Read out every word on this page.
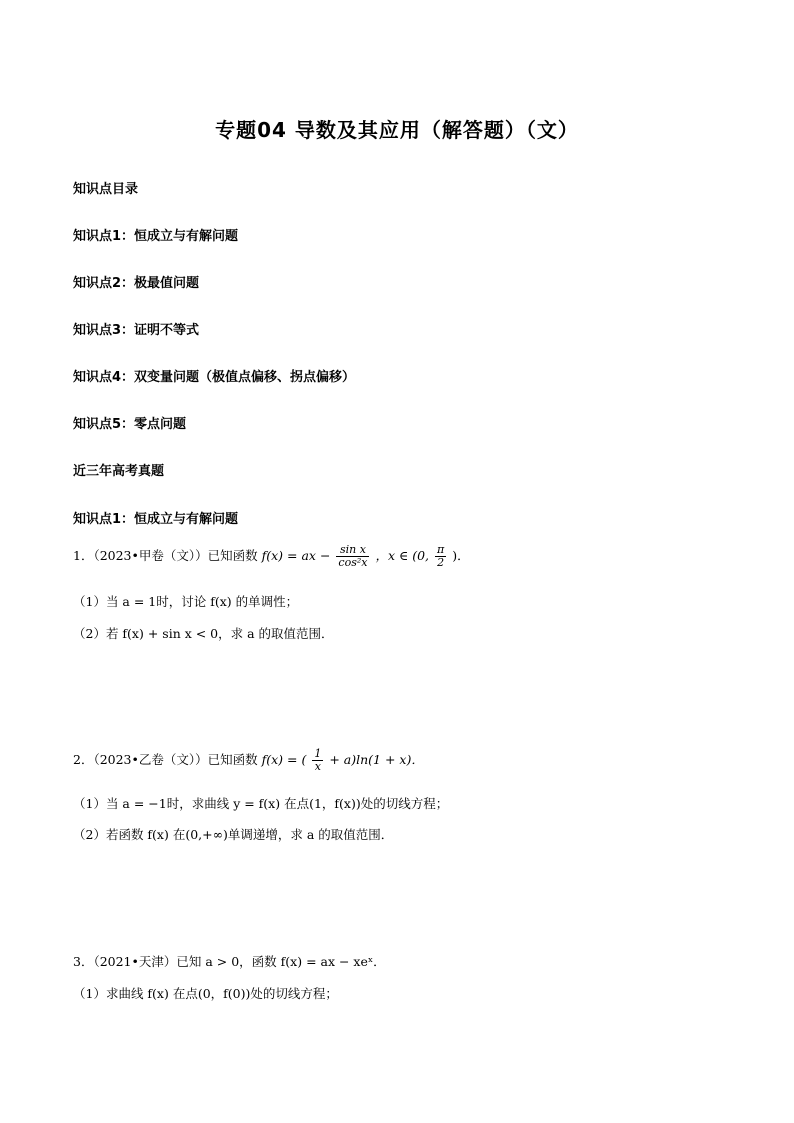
专题04 导数及其应用（解答题）（文）
知识点目录
知识点1：恒成立与有解问题
知识点2：极最值问题
知识点3：证明不等式
知识点4：双变量问题（极值点偏移、拐点偏移）
知识点5：零点问题
近三年高考真题
知识点1：恒成立与有解问题
1．（2023•甲卷（文））已知函数 f(x) = ax − $\frac{\text{sin x}}{\text{cos²x}}$ ，x ∈ (0, $\frac{\pi}{2}$ )．
（1）当 a = 1时，讨论 f(x) 的单调性；
（2）若 f(x) + sin x < 0，求 a 的取值范围．
2．（2023•乙卷（文））已知函数 f(x) = ( $\frac{1}{x} + a)\ln(1 + x)$．
（1）当 a = −1时，求曲线 y = f(x) 在点(1，f(x))处的切线方程；
（2）若函数 f(x) 在(0,+∞)单调递增，求 a 的取值范围．
3．（2021•天津）已知 a > 0，函数 f(x) = ax − xeˣ．
（1）求曲线 f(x) 在点(0，f(0))处的切线方程；
